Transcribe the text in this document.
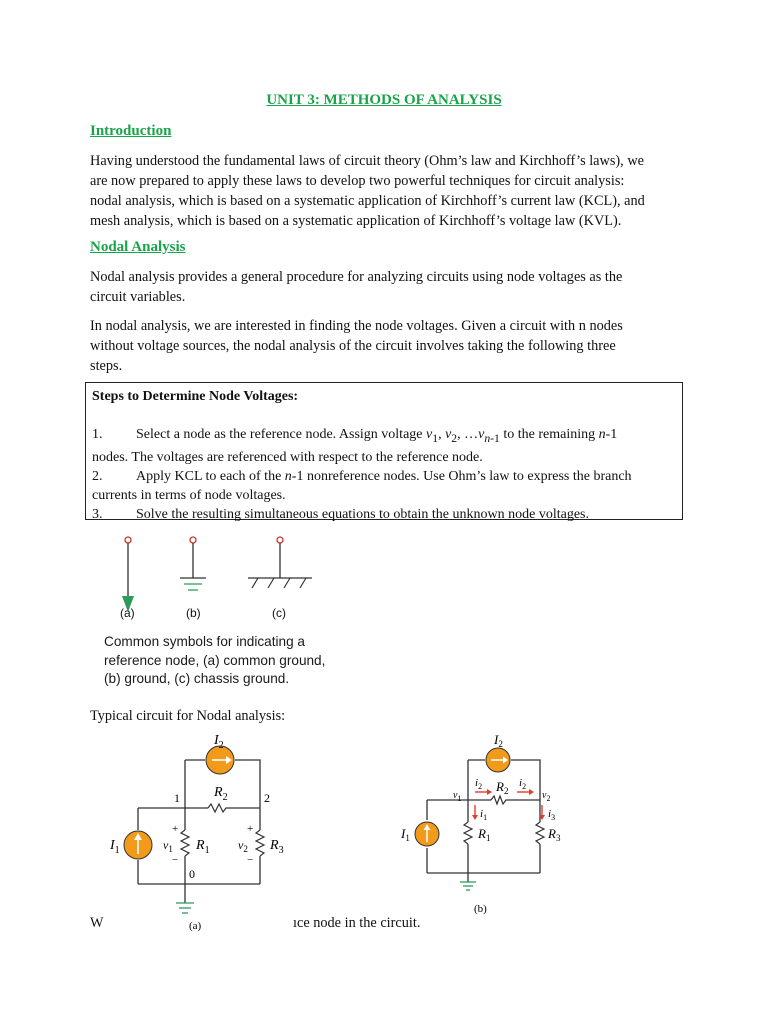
UNIT 3: METHODS OF ANALYSIS
Introduction
Having understood the fundamental laws of circuit theory (Ohm’s law and Kirchhoff’s laws), we
are now prepared to apply these laws to develop two powerful techniques for circuit analysis:
nodal analysis, which is based on a systematic application of Kirchhoff’s current law (KCL), and
mesh analysis, which is based on a systematic application of Kirchhoff’s voltage law (KVL).
Nodal Analysis
Nodal analysis provides a general procedure for analyzing circuits using node voltages as the
circuit variables.
In nodal analysis, we are interested in finding the node voltages. Given a circuit with n nodes
without voltage sources, the nodal analysis of the circuit involves taking the following three
steps.
Steps to Determine Node Voltages:
1. Select a node as the reference node. Assign voltage $v_1$, $v_2$, $\dots v_{n-1}$ to the remaining n-1
nodes. The voltages are referenced with respect to the reference node.
2. Apply KCL to each of the n-1 nonreference nodes. Use Ohm’s law to express the branch
currents in terms of node voltages.
3. Solve the resulting simultaneous equations to obtain the unknown node voltages.
(a)	(b)	(c)
Common symbols for indicating a
reference node, (a) common ground,
(b) ground, (c) chassis ground.
Typical circuit for Nodal analysis:
$I_2$
$R_2$
1	2
$I_1$
+
$v_1$
−
$R_1$
+
$v_2$
−
$R_3$
0
(a)
$I_2$
$i_2$ $R_2$
$i_2$
$v_1$	$v_2$
$i_1$	$i_3$
$I_1$	$R_1$	$R_3$
(b)
W	ıce node in the circuit.
